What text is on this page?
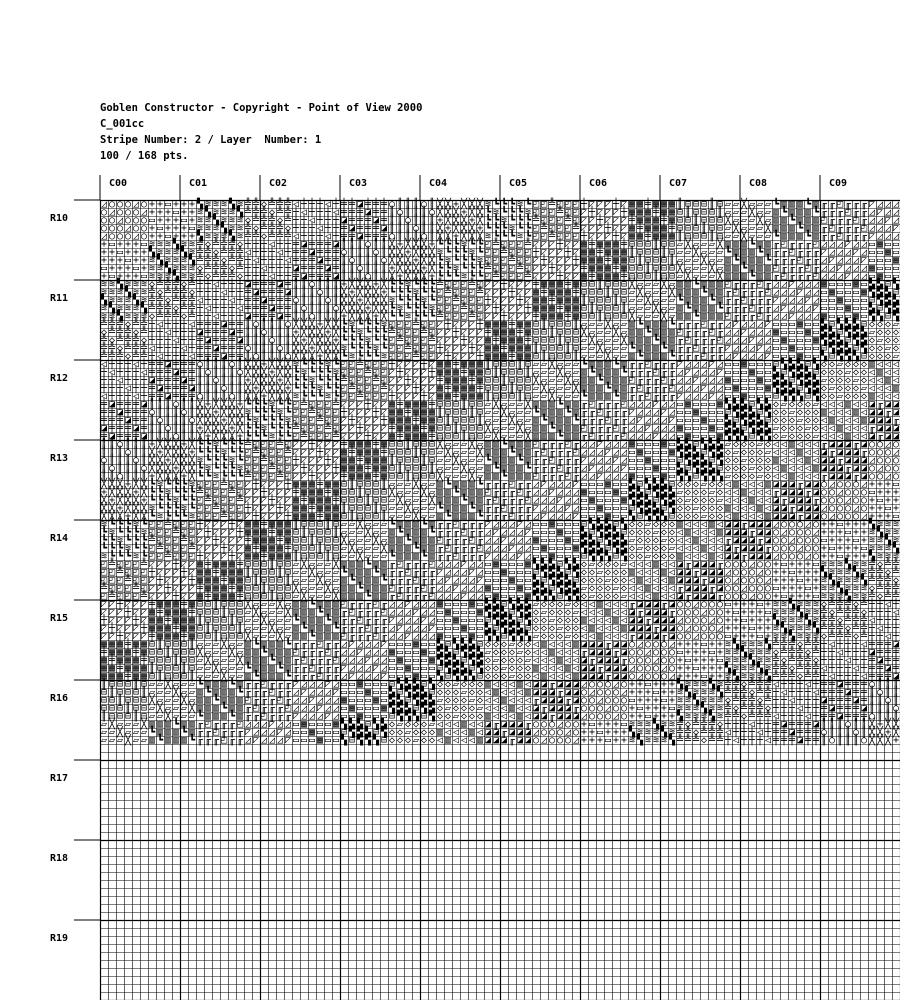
Goblen Constructor - Copyright - Point of View 2000
C_001cc
Stripe Number: 2 / Layer  Number: 1
100 / 168 pts.
C00	C01	C02	C03	C04	C05	C06	C07	C08	C09
R10
R11
R12
R13
R14
R15
R16
R17
R18
R19
◿ ○ ○ ○ ◿ ○ + + ▭ + + + ▚ ≋ ≋ ≋ ▚ ≋ ╩ ╩ ◇ ╩ ╩ ╩ ◁ ┼ ┼ ┼ ◁ ┼ ╪ ╪ ◪ ╪ ╪ ╪ ○ ║ ║ ║ ○ ║ ╳ ╳ + ╳ ╳ ╳ ≋ ┗ ┗ ┗ ≋ ┗ ◰ ◰ ╩ ◰ ◰ ◰ ┼ ◸ ◸ ◸ ┼ ◸ ▦ ▦ ╪ ▦ ▦ ▦ ║ ⊟ ⊟ ⊟ ║ ⊟ ▱ ▱ ╳ ▱ ▱ ▱ ┗ ▥ ▥ ▥ ┗ ▥ ╓ ╓ ◰ ╓ ╓ ╓ ◸ ◿ ◿ ◿
○ ◿ ○ ○ ○ ◿ + + + ▭ + + ≋ ▚ ≋ ≋ ≋ ▚ ╩ ╩ ╩ ◇ ╩ ╩ ┼ ◁ ┼ ┼ ┼ ◁ ╪ ╪ ╪ ◪ ╪ ╪ ║ ○ ║ ║ ║ ○ ╳ ╳ ╳ + ╳ ╳ ┗ ≋ ┗ ┗ ┗ ≋ ◰ ◰ ◰ ╩ ◰ ◰ ◸ ┼ ◸ ◸ ◸ ┼ ▦ ▦ ▦ ╪ ▦ ▦ ⊟ ║ ⊟ ⊟ ⊟ ║ ▱ ▱ ▱ ╳ ▱ ▱ ▥ ┗ ▥ ▥ ▥ ┗ ╓ ╓ ╓ ◰ ╓ ╓ ◿ ◸ ◿ ◿
○ ○ ◿ ○ ○ ○ ▭ + + + ▭ + ≋ ≋ ▚ ≋ ≋ ≋ ◇ ╩ ╩ ╩ ◇ ╩ ┼ ┼ ◁ ┼ ┼ ┼ ◪ ╪ ╪ ╪ ◪ ╪ ║ ║ ○ ║ ║ ║ + ╳ ╳ ╳ + ╳ ┗ ┗ ≋ ┗ ┗ ┗ ╩ ◰ ◰ ◰ ╩ ◰ ◸ ◸ ┼ ◸ ◸ ◸ ╪ ▦ ▦ ▦ ╪ ▦ ⊟ ⊟ ║ ⊟ ⊟ ⊟ ╳ ▱ ▱ ▱ ╳ ▱ ▥ ▥ ┗ ▥ ▥ ▥ ◰ ╓ ╓ ╓ ◰ ╓ ◿ ◿ ◸ ◿
○ ○ ○ ◿ ○ ○ + ▭ + + + ▭ ≋ ≋ ≋ ▚ ≋ ≋ ╩ ◇ ╩ ╩ ╩ ◇ ┼ ┼ ┼ ◁ ┼ ┼ ╪ ◪ ╪ ╪ ╪ ◪ ║ ║ ║ ○ ║ ║ ╳ + ╳ ╳ ╳ + ┗ ┗ ┗ ≋ ┗ ┗ ◰ ╩ ◰ ◰ ◰ ╩ ◸ ◸ ◸ ┼ ◸ ◸ ▦ ╪ ▦ ▦ ▦ ╪ ⊟ ⊟ ⊟ ║ ⊟ ⊟ ▱ ╳ ▱ ▱ ▱ ╳ ▥ ▥ ▥ ┗ ▥ ▥ ╓ ◰ ╓ ╓ ╓ ◰ ◿ ◿ ◿ ◸
◿ ○ ○ ○ ◿ ○ + + ▭ + + + ▚ ≋ ≋ ≋ ▚ ≋ ╩ ╩ ◇ ╩ ╩ ╩ ◁ ┼ ┼ ┼ ◁ ┼ ╪ ╪ ◪ ╪ ╪ ╪ ○ ║ ║ ║ ○ ║ ╳ ╳ + ╳ ╳ ╳ ≋ ┗ ┗ ┗ ≋ ┗ ◰ ◰ ╩ ◰ ◰ ◰ ┼ ◸ ◸ ◸ ┼ ◸ ▦ ▦ ╪ ▦ ▦ ▦ ║ ⊟ ⊟ ⊟ ║ ⊟ ▱ ▱ ╳ ▱ ▱ ▱ ┗ ▥ ▥ ▥ ┗ ▥ ╓ ╓ ◰ ╓ ╓ ╓ ◸ ◿ ◿ ◿
+ ▭ + + + ▭ ≋ ≋ ≋ ▚ ≋ ≋ ╩ ◇ ╩ ╩ ╩ ◇ ┼ ┼ ┼ ◁ ┼ ┼ ╪ ◪ ╪ ╪ ╪ ◪ ║ ║ ║ ○ ║ ║ ╳ + ╳ ╳ ╳ + ┗ ┗ ┗ ≋ ┗ ┗ ◰ ╩ ◰ ◰ ◰ ╩ ◸ ◸ ◸ ┼ ◸ ◸ ▦ ╪ ▦ ▦ ▦ ╪ ⊟ ⊟ ⊟ ║ ⊟ ⊟ ▱ ╳ ▱ ▱ ▱ ╳ ▥ ▥ ▥ ┗ ▥ ▥ ╓ ◰ ╓ ╓ ╓ ◰ ◿ ◿ ◿ ◸ ◿ ◿ ▭ ▦ ▭ ▭
+ + ▭ + + + ▚ ≋ ≋ ≋ ▚ ≋ ╩ ╩ ◇ ╩ ╩ ╩ ◁ ┼ ┼ ┼ ◁ ┼ ╪ ╪ ◪ ╪ ╪ ╪ ○ ║ ║ ║ ○ ║ ╳ ╳ + ╳ ╳ ╳ ≋ ┗ ┗ ┗ ≋ ┗ ◰ ◰ ╩ ◰ ◰ ◰ ┼ ◸ ◸ ◸ ┼ ◸ ▦ ▦ ╪ ▦ ▦ ▦ ║ ⊟ ⊟ ⊟ ║ ⊟ ▱ ▱ ╳ ▱ ▱ ▱ ┗ ▥ ▥ ▥ ┗ ▥ ╓ ╓ ◰ ╓ ╓ ╓ ◸ ◿ ◿ ◿ ◸ ◿ ▭ ▭ ▦ ▭
+ + + ▭ + + ≋ ▚ ≋ ≋ ≋ ▚ ╩ ╩ ╩ ◇ ╩ ╩ ┼ ◁ ┼ ┼ ┼ ◁ ╪ ╪ ╪ ◪ ╪ ╪ ║ ○ ║ ║ ║ ○ ╳ ╳ ╳ + ╳ ╳ ┗ ≋ ┗ ┗ ┗ ≋ ◰ ◰ ◰ ╩ ◰ ◰ ◸ ┼ ◸ ◸ ◸ ┼ ▦ ▦ ▦ ╪ ▦ ▦ ⊟ ║ ⊟ ⊟ ⊟ ║ ▱ ▱ ▱ ╳ ▱ ▱ ▥ ┗ ▥ ▥ ▥ ┗ ╓ ╓ ╓ ◰ ╓ ╓ ◿ ◸ ◿ ◿ ◿ ◸ ▭ ▭ ▭ ▦
▭ + + + ▭ + ≋ ≋ ▚ ≋ ≋ ≋ ◇ ╩ ╩ ╩ ◇ ╩ ┼ ┼ ◁ ┼ ┼ ┼ ◪ ╪ ╪ ╪ ◪ ╪ ║ ║ ○ ║ ║ ║ + ╳ ╳ ╳ + ╳ ┗ ┗ ≋ ┗ ┗ ┗ ╩ ◰ ◰ ◰ ╩ ◰ ◸ ◸ ┼ ◸ ◸ ◸ ╪ ▦ ▦ ▦ ╪ ▦ ⊟ ⊟ ║ ⊟ ⊟ ⊟ ╳ ▱ ▱ ▱ ╳ ▱ ▥ ▥ ┗ ▥ ▥ ▥ ◰ ╓ ╓ ╓ ◰ ╓ ◿ ◿ ◸ ◿ ◿ ◿ ▦ ▭ ▭ ▭
+ ▭ + + + ▭ ≋ ≋ ≋ ▚ ≋ ≋ ╩ ◇ ╩ ╩ ╩ ◇ ┼ ┼ ┼ ◁ ┼ ┼ ╪ ◪ ╪ ╪ ╪ ◪ ║ ║ ║ ○ ║ ║ ╳ + ╳ ╳ ╳ + ┗ ┗ ┗ ≋ ┗ ┗ ◰ ╩ ◰ ◰ ◰ ╩ ◸ ◸ ◸ ┼ ◸ ◸ ▦ ╪ ▦ ▦ ▦ ╪ ⊟ ⊟ ⊟ ║ ⊟ ⊟ ▱ ╳ ▱ ▱ ▱ ╳ ▥ ▥ ▥ ┗ ▥ ▥ ╓ ◰ ╓ ╓ ╓ ◰ ◿ ◿ ◿ ◸ ◿ ◿ ▭ ▦ ▭ ▭
≋ ≋ ▚ ≋ ≋ ≋ ◇ ╩ ╩ ╩ ◇ ╩ ┼ ┼ ◁ ┼ ┼ ┼ ◪ ╪ ╪ ╪ ◪ ╪ ║ ║ ○ ║ ║ ║ + ╳ ╳ ╳ + ╳ ┗ ┗ ≋ ┗ ┗ ┗ ╩ ◰ ◰ ◰ ╩ ◰ ◸ ◸ ┼ ◸ ◸ ◸ ╪ ▦ ▦ ▦ ╪ ▦ ⊟ ⊟ ║ ⊟ ⊟ ⊟ ╳ ▱ ▱ ▱ ╳ ▱ ▥ ▥ ┗ ▥ ▥ ▥ ◰ ╓ ╓ ╓ ◰ ╓ ◿ ◿ ◸ ◿ ◿ ◿ ▦ ▭ ▭ ▭ ▦ ▭ ▚ ▚ ⊟ ▚
≋ ≋ ≋ ▚ ≋ ≋ ╩ ◇ ╩ ╩ ╩ ◇ ┼ ┼ ┼ ◁ ┼ ┼ ╪ ◪ ╪ ╪ ╪ ◪ ║ ║ ║ ○ ║ ║ ╳ + ╳ ╳ ╳ + ┗ ┗ ┗ ≋ ┗ ┗ ◰ ╩ ◰ ◰ ◰ ╩ ◸ ◸ ◸ ┼ ◸ ◸ ▦ ╪ ▦ ▦ ▦ ╪ ⊟ ⊟ ⊟ ║ ⊟ ⊟ ▱ ╳ ▱ ▱ ▱ ╳ ▥ ▥ ▥ ┗ ▥ ▥ ╓ ◰ ╓ ╓ ╓ ◰ ◿ ◿ ◿ ◸ ◿ ◿ ▭ ▦ ▭ ▭ ▭ ▦ ▚ ▚ ▚ ⊟
▚ ≋ ≋ ≋ ▚ ≋ ╩ ╩ ◇ ╩ ╩ ╩ ◁ ┼ ┼ ┼ ◁ ┼ ╪ ╪ ◪ ╪ ╪ ╪ ○ ║ ║ ║ ○ ║ ╳ ╳ + ╳ ╳ ╳ ≋ ┗ ┗ ┗ ≋ ┗ ◰ ◰ ╩ ◰ ◰ ◰ ┼ ◸ ◸ ◸ ┼ ◸ ▦ ▦ ╪ ▦ ▦ ▦ ║ ⊟ ⊟ ⊟ ║ ⊟ ▱ ▱ ╳ ▱ ▱ ▱ ┗ ▥ ▥ ▥ ┗ ▥ ╓ ╓ ◰ ╓ ╓ ╓ ◸ ◿ ◿ ◿ ◸ ◿ ▭ ▭ ▦ ▭ ▭ ▭ ⊟ ▚ ▚ ▚
≋ ▚ ≋ ≋ ≋ ▚ ╩ ╩ ╩ ◇ ╩ ╩ ┼ ◁ ┼ ┼ ┼ ◁ ╪ ╪ ╪ ◪ ╪ ╪ ║ ○ ║ ║ ║ ○ ╳ ╳ ╳ + ╳ ╳ ┗ ≋ ┗ ┗ ┗ ≋ ◰ ◰ ◰ ╩ ◰ ◰ ◸ ┼ ◸ ◸ ◸ ┼ ▦ ▦ ▦ ╪ ▦ ▦ ⊟ ║ ⊟ ⊟ ⊟ ║ ▱ ▱ ▱ ╳ ▱ ▱ ▥ ┗ ▥ ▥ ▥ ┗ ╓ ╓ ╓ ◰ ╓ ╓ ◿ ◸ ◿ ◿ ◿ ◸ ▭ ▭ ▭ ▦ ▭ ▭ ▚ ⊟ ▚ ▚
≋ ≋ ▚ ≋ ≋ ≋ ◇ ╩ ╩ ╩ ◇ ╩ ┼ ┼ ◁ ┼ ┼ ┼ ◪ ╪ ╪ ╪ ◪ ╪ ║ ║ ○ ║ ║ ║ + ╳ ╳ ╳ + ╳ ┗ ┗ ≋ ┗ ┗ ┗ ╩ ◰ ◰ ◰ ╩ ◰ ◸ ◸ ┼ ◸ ◸ ◸ ╪ ▦ ▦ ▦ ╪ ▦ ⊟ ⊟ ║ ⊟ ⊟ ⊟ ╳ ▱ ▱ ▱ ╳ ▱ ▥ ▥ ┗ ▥ ▥ ▥ ◰ ╓ ╓ ╓ ◰ ╓ ◿ ◿ ◸ ◿ ◿ ◿ ▦ ▭ ▭ ▭ ▦ ▭ ▚ ▚ ⊟ ▚
╩ ╩ ╩ ◇ ╩ ╩ ┼ ◁ ┼ ┼ ┼ ◁ ╪ ╪ ╪ ◪ ╪ ╪ ║ ○ ║ ║ ║ ○ ╳ ╳ ╳ + ╳ ╳ ┗ ≋ ┗ ┗ ┗ ≋ ◰ ◰ ◰ ╩ ◰ ◰ ◸ ┼ ◸ ◸ ◸ ┼ ▦ ▦ ▦ ╪ ▦ ▦ ⊟ ║ ⊟ ⊟ ⊟ ║ ▱ ▱ ▱ ╳ ▱ ▱ ▥ ┗ ▥ ▥ ▥ ┗ ╓ ╓ ╓ ◰ ╓ ╓ ◿ ◸ ◿ ◿ ◿ ◸ ▭ ▭ ▭ ▦ ▭ ▭ ▚ ⊟ ▚ ▚ ▚ ⊟ ◇ ◇ ◇ ▱
◇ ╩ ╩ ╩ ◇ ╩ ┼ ┼ ◁ ┼ ┼ ┼ ◪ ╪ ╪ ╪ ◪ ╪ ║ ║ ○ ║ ║ ║ + ╳ ╳ ╳ + ╳ ┗ ┗ ≋ ┗ ┗ ┗ ╩ ◰ ◰ ◰ ╩ ◰ ◸ ◸ ┼ ◸ ◸ ◸ ╪ ▦ ▦ ▦ ╪ ▦ ⊟ ⊟ ║ ⊟ ⊟ ⊟ ╳ ▱ ▱ ▱ ╳ ▱ ▥ ▥ ┗ ▥ ▥ ▥ ◰ ╓ ╓ ╓ ◰ ╓ ◿ ◿ ◸ ◿ ◿ ◿ ▦ ▭ ▭ ▭ ▦ ▭ ▚ ▚ ⊟ ▚ ▚ ▚ ▱ ◇ ◇ ◇
╩ ◇ ╩ ╩ ╩ ◇ ┼ ┼ ┼ ◁ ┼ ┼ ╪ ◪ ╪ ╪ ╪ ◪ ║ ║ ║ ○ ║ ║ ╳ + ╳ ╳ ╳ + ┗ ┗ ┗ ≋ ┗ ┗ ◰ ╩ ◰ ◰ ◰ ╩ ◸ ◸ ◸ ┼ ◸ ◸ ▦ ╪ ▦ ▦ ▦ ╪ ⊟ ⊟ ⊟ ║ ⊟ ⊟ ▱ ╳ ▱ ▱ ▱ ╳ ▥ ▥ ▥ ┗ ▥ ▥ ╓ ◰ ╓ ╓ ╓ ◰ ◿ ◿ ◿ ◸ ◿ ◿ ▭ ▦ ▭ ▭ ▭ ▦ ▚ ▚ ▚ ⊟ ▚ ▚ ◇ ▱ ◇ ◇
╩ ╩ ◇ ╩ ╩ ╩ ◁ ┼ ┼ ┼ ◁ ┼ ╪ ╪ ◪ ╪ ╪ ╪ ○ ║ ║ ║ ○ ║ ╳ ╳ + ╳ ╳ ╳ ≋ ┗ ┗ ┗ ≋ ┗ ◰ ◰ ╩ ◰ ◰ ◰ ┼ ◸ ◸ ◸ ┼ ◸ ▦ ▦ ╪ ▦ ▦ ▦ ║ ⊟ ⊟ ⊟ ║ ⊟ ▱ ▱ ╳ ▱ ▱ ▱ ┗ ▥ ▥ ▥ ┗ ▥ ╓ ╓ ◰ ╓ ╓ ╓ ◸ ◿ ◿ ◿ ◸ ◿ ▭ ▭ ▦ ▭ ▭ ▭ ⊟ ▚ ▚ ▚ ⊟ ▚ ◇ ◇ ▱ ◇
╩ ╩ ╩ ◇ ╩ ╩ ┼ ◁ ┼ ┼ ┼ ◁ ╪ ╪ ╪ ◪ ╪ ╪ ║ ○ ║ ║ ║ ○ ╳ ╳ ╳ + ╳ ╳ ┗ ≋ ┗ ┗ ┗ ≋ ◰ ◰ ◰ ╩ ◰ ◰ ◸ ┼ ◸ ◸ ◸ ┼ ▦ ▦ ▦ ╪ ▦ ▦ ⊟ ║ ⊟ ⊟ ⊟ ║ ▱ ▱ ▱ ╳ ▱ ▱ ▥ ┗ ▥ ▥ ▥ ┗ ╓ ╓ ╓ ◰ ╓ ╓ ◿ ◸ ◿ ◿ ◿ ◸ ▭ ▭ ▭ ▦ ▭ ▭ ▚ ⊟ ▚ ▚ ▚ ⊟ ◇ ◇ ◇ ▱
◁ ┼ ┼ ┼ ◁ ┼ ╪ ╪ ◪ ╪ ╪ ╪ ○ ║ ║ ║ ○ ║ ╳ ╳ + ╳ ╳ ╳ ≋ ┗ ┗ ┗ ≋ ┗ ◰ ◰ ╩ ◰ ◰ ◰ ┼ ◸ ◸ ◸ ┼ ◸ ▦ ▦ ╪ ▦ ▦ ▦ ║ ⊟ ⊟ ⊟ ║ ⊟ ▱ ▱ ╳ ▱ ▱ ▱ ┗ ▥ ▥ ▥ ┗ ▥ ╓ ╓ ◰ ╓ ╓ ╓ ◸ ◿ ◿ ◿ ◸ ◿ ▭ ▭ ▦ ▭ ▭ ▭ ⊟ ▚ ▚ ▚ ⊟ ▚ ◇ ◇ ▱ ◇ ◇ ◇ ▥ ◁ ◁ ◁
┼ ◁ ┼ ┼ ┼ ◁ ╪ ╪ ╪ ◪ ╪ ╪ ║ ○ ║ ║ ║ ○ ╳ ╳ ╳ + ╳ ╳ ┗ ≋ ┗ ┗ ┗ ≋ ◰ ◰ ◰ ╩ ◰ ◰ ◸ ┼ ◸ ◸ ◸ ┼ ▦ ▦ ▦ ╪ ▦ ▦ ⊟ ║ ⊟ ⊟ ⊟ ║ ▱ ▱ ▱ ╳ ▱ ▱ ▥ ┗ ▥ ▥ ▥ ┗ ╓ ╓ ╓ ◰ ╓ ╓ ◿ ◸ ◿ ◿ ◿ ◸ ▭ ▭ ▭ ▦ ▭ ▭ ▚ ⊟ ▚ ▚ ▚ ⊟ ◇ ◇ ◇ ▱ ◇ ◇ ◁ ▥ ◁ ◁
┼ ┼ ◁ ┼ ┼ ┼ ◪ ╪ ╪ ╪ ◪ ╪ ║ ║ ○ ║ ║ ║ + ╳ ╳ ╳ + ╳ ┗ ┗ ≋ ┗ ┗ ┗ ╩ ◰ ◰ ◰ ╩ ◰ ◸ ◸ ┼ ◸ ◸ ◸ ╪ ▦ ▦ ▦ ╪ ▦ ⊟ ⊟ ║ ⊟ ⊟ ⊟ ╳ ▱ ▱ ▱ ╳ ▱ ▥ ▥ ┗ ▥ ▥ ▥ ◰ ╓ ╓ ╓ ◰ ╓ ◿ ◿ ◸ ◿ ◿ ◿ ▦ ▭ ▭ ▭ ▦ ▭ ▚ ▚ ⊟ ▚ ▚ ▚ ▱ ◇ ◇ ◇ ▱ ◇ ◁ ◁ ▥ ◁
┼ ┼ ┼ ◁ ┼ ┼ ╪ ◪ ╪ ╪ ╪ ◪ ║ ║ ║ ○ ║ ║ ╳ + ╳ ╳ ╳ + ┗ ┗ ┗ ≋ ┗ ┗ ◰ ╩ ◰ ◰ ◰ ╩ ◸ ◸ ◸ ┼ ◸ ◸ ▦ ╪ ▦ ▦ ▦ ╪ ⊟ ⊟ ⊟ ║ ⊟ ⊟ ▱ ╳ ▱ ▱ ▱ ╳ ▥ ▥ ▥ ┗ ▥ ▥ ╓ ◰ ╓ ╓ ╓ ◰ ◿ ◿ ◿ ◸ ◿ ◿ ▭ ▦ ▭ ▭ ▭ ▦ ▚ ▚ ▚ ⊟ ▚ ▚ ◇ ▱ ◇ ◇ ◇ ▱ ◁ ◁ ◁ ▥
◁ ┼ ┼ ┼ ◁ ┼ ╪ ╪ ◪ ╪ ╪ ╪ ○ ║ ║ ║ ○ ║ ╳ ╳ + ╳ ╳ ╳ ≋ ┗ ┗ ┗ ≋ ┗ ◰ ◰ ╩ ◰ ◰ ◰ ┼ ◸ ◸ ◸ ┼ ◸ ▦ ▦ ╪ ▦ ▦ ▦ ║ ⊟ ⊟ ⊟ ║ ⊟ ▱ ▱ ╳ ▱ ▱ ▱ ┗ ▥ ▥ ▥ ┗ ▥ ╓ ╓ ◰ ╓ ╓ ╓ ◸ ◿ ◿ ◿ ◸ ◿ ▭ ▭ ▦ ▭ ▭ ▭ ⊟ ▚ ▚ ▚ ⊟ ▚ ◇ ◇ ▱ ◇ ◇ ◇ ▥ ◁ ◁ ◁
╪ ◪ ╪ ╪ ╪ ◪ ║ ║ ║ ○ ║ ║ ╳ + ╳ ╳ ╳ + ┗ ┗ ┗ ≋ ┗ ┗ ◰ ╩ ◰ ◰ ◰ ╩ ◸ ◸ ◸ ┼ ◸ ◸ ▦ ╪ ▦ ▦ ▦ ╪ ⊟ ⊟ ⊟ ║ ⊟ ⊟ ▱ ╳ ▱ ▱ ▱ ╳ ▥ ▥ ▥ ┗ ▥ ▥ ╓ ◰ ╓ ╓ ╓ ◰ ◿ ◿ ◿ ◸ ◿ ◿ ▭ ▦ ▭ ▭ ▭ ▦ ▚ ▚ ▚ ⊟ ▚ ▚ ◇ ▱ ◇ ◇ ◇ ▱ ◁ ◁ ◁ ▥ ◁ ◁ ◪ ╓ ◪ ◪
╪ ╪ ◪ ╪ ╪ ╪ ○ ║ ║ ║ ○ ║ ╳ ╳ + ╳ ╳ ╳ ≋ ┗ ┗ ┗ ≋ ┗ ◰ ◰ ╩ ◰ ◰ ◰ ┼ ◸ ◸ ◸ ┼ ◸ ▦ ▦ ╪ ▦ ▦ ▦ ║ ⊟ ⊟ ⊟ ║ ⊟ ▱ ▱ ╳ ▱ ▱ ▱ ┗ ▥ ▥ ▥ ┗ ▥ ╓ ╓ ◰ ╓ ╓ ╓ ◸ ◿ ◿ ◿ ◸ ◿ ▭ ▭ ▦ ▭ ▭ ▭ ⊟ ▚ ▚ ▚ ⊟ ▚ ◇ ◇ ▱ ◇ ◇ ◇ ▥ ◁ ◁ ◁ ▥ ◁ ◪ ◪ ╓ ◪
╪ ╪ ╪ ◪ ╪ ╪ ║ ○ ║ ║ ║ ○ ╳ ╳ ╳ + ╳ ╳ ┗ ≋ ┗ ┗ ┗ ≋ ◰ ◰ ◰ ╩ ◰ ◰ ◸ ┼ ◸ ◸ ◸ ┼ ▦ ▦ ▦ ╪ ▦ ▦ ⊟ ║ ⊟ ⊟ ⊟ ║ ▱ ▱ ▱ ╳ ▱ ▱ ▥ ┗ ▥ ▥ ▥ ┗ ╓ ╓ ╓ ◰ ╓ ╓ ◿ ◸ ◿ ◿ ◿ ◸ ▭ ▭ ▭ ▦ ▭ ▭ ▚ ⊟ ▚ ▚ ▚ ⊟ ◇ ◇ ◇ ▱ ◇ ◇ ◁ ▥ ◁ ◁ ◁ ▥ ◪ ◪ ◪ ╓
◪ ╪ ╪ ╪ ◪ ╪ ║ ║ ○ ║ ║ ║ + ╳ ╳ ╳ + ╳ ┗ ┗ ≋ ┗ ┗ ┗ ╩ ◰ ◰ ◰ ╩ ◰ ◸ ◸ ┼ ◸ ◸ ◸ ╪ ▦ ▦ ▦ ╪ ▦ ⊟ ⊟ ║ ⊟ ⊟ ⊟ ╳ ▱ ▱ ▱ ╳ ▱ ▥ ▥ ┗ ▥ ▥ ▥ ◰ ╓ ╓ ╓ ◰ ╓ ◿ ◿ ◸ ◿ ◿ ◿ ▦ ▭ ▭ ▭ ▦ ▭ ▚ ▚ ⊟ ▚ ▚ ▚ ▱ ◇ ◇ ◇ ▱ ◇ ◁ ◁ ▥ ◁ ◁ ◁ ╓ ◪ ◪ ◪
╪ ◪ ╪ ╪ ╪ ◪ ║ ║ ║ ○ ║ ║ ╳ + ╳ ╳ ╳ + ┗ ┗ ┗ ≋ ┗ ┗ ◰ ╩ ◰ ◰ ◰ ╩ ◸ ◸ ◸ ┼ ◸ ◸ ▦ ╪ ▦ ▦ ▦ ╪ ⊟ ⊟ ⊟ ║ ⊟ ⊟ ▱ ╳ ▱ ▱ ▱ ╳ ▥ ▥ ▥ ┗ ▥ ▥ ╓ ◰ ╓ ╓ ╓ ◰ ◿ ◿ ◿ ◸ ◿ ◿ ▭ ▦ ▭ ▭ ▭ ▦ ▚ ▚ ▚ ⊟ ▚ ▚ ◇ ▱ ◇ ◇ ◇ ▱ ◁ ◁ ◁ ▥ ◁ ◁ ◪ ╓ ◪ ◪
║ ║ ○ ║ ║ ║ + ╳ ╳ ╳ + ╳ ┗ ┗ ≋ ┗ ┗ ┗ ╩ ◰ ◰ ◰ ╩ ◰ ◸ ◸ ┼ ◸ ◸ ◸ ╪ ▦ ▦ ▦ ╪ ▦ ⊟ ⊟ ║ ⊟ ⊟ ⊟ ╳ ▱ ▱ ▱ ╳ ▱ ▥ ▥ ┗ ▥ ▥ ▥ ◰ ╓ ╓ ╓ ◰ ╓ ◿ ◿ ◸ ◿ ◿ ◿ ▦ ▭ ▭ ▭ ▦ ▭ ▚ ▚ ⊟ ▚ ▚ ▚ ▱ ◇ ◇ ◇ ▱ ◇ ◁ ◁ ▥ ◁ ◁ ◁ ╓ ◪ ◪ ◪ ╓ ◪ ○ ○ ◿ ○
║ ║ ║ ○ ║ ║ ╳ + ╳ ╳ ╳ + ┗ ┗ ┗ ≋ ┗ ┗ ◰ ╩ ◰ ◰ ◰ ╩ ◸ ◸ ◸ ┼ ◸ ◸ ▦ ╪ ▦ ▦ ▦ ╪ ⊟ ⊟ ⊟ ║ ⊟ ⊟ ▱ ╳ ▱ ▱ ▱ ╳ ▥ ▥ ▥ ┗ ▥ ▥ ╓ ◰ ╓ ╓ ╓ ◰ ◿ ◿ ◿ ◸ ◿ ◿ ▭ ▦ ▭ ▭ ▭ ▦ ▚ ▚ ▚ ⊟ ▚ ▚ ◇ ▱ ◇ ◇ ◇ ▱ ◁ ◁ ◁ ▥ ◁ ◁ ◪ ╓ ◪ ◪ ◪ ╓ ○ ○ ○ ◿
○ ║ ║ ║ ○ ║ ╳ ╳ + ╳ ╳ ╳ ≋ ┗ ┗ ┗ ≋ ┗ ◰ ◰ ╩ ◰ ◰ ◰ ┼ ◸ ◸ ◸ ┼ ◸ ▦ ▦ ╪ ▦ ▦ ▦ ║ ⊟ ⊟ ⊟ ║ ⊟ ▱ ▱ ╳ ▱ ▱ ▱ ┗ ▥ ▥ ▥ ┗ ▥ ╓ ╓ ◰ ╓ ╓ ╓ ◸ ◿ ◿ ◿ ◸ ◿ ▭ ▭ ▦ ▭ ▭ ▭ ⊟ ▚ ▚ ▚ ⊟ ▚ ◇ ◇ ▱ ◇ ◇ ◇ ▥ ◁ ◁ ◁ ▥ ◁ ◪ ◪ ╓ ◪ ◪ ◪ ◿ ○ ○ ○
║ ○ ║ ║ ║ ○ ╳ ╳ ╳ + ╳ ╳ ┗ ≋ ┗ ┗ ┗ ≋ ◰ ◰ ◰ ╩ ◰ ◰ ◸ ┼ ◸ ◸ ◸ ┼ ▦ ▦ ▦ ╪ ▦ ▦ ⊟ ║ ⊟ ⊟ ⊟ ║ ▱ ▱ ▱ ╳ ▱ ▱ ▥ ┗ ▥ ▥ ▥ ┗ ╓ ╓ ╓ ◰ ╓ ╓ ◿ ◸ ◿ ◿ ◿ ◸ ▭ ▭ ▭ ▦ ▭ ▭ ▚ ⊟ ▚ ▚ ▚ ⊟ ◇ ◇ ◇ ▱ ◇ ◇ ◁ ▥ ◁ ◁ ◁ ▥ ◪ ◪ ◪ ╓ ◪ ◪ ○ ◿ ○ ○
║ ║ ○ ║ ║ ║ + ╳ ╳ ╳ + ╳ ┗ ┗ ≋ ┗ ┗ ┗ ╩ ◰ ◰ ◰ ╩ ◰ ◸ ◸ ┼ ◸ ◸ ◸ ╪ ▦ ▦ ▦ ╪ ▦ ⊟ ⊟ ║ ⊟ ⊟ ⊟ ╳ ▱ ▱ ▱ ╳ ▱ ▥ ▥ ┗ ▥ ▥ ▥ ◰ ╓ ╓ ╓ ◰ ╓ ◿ ◿ ◸ ◿ ◿ ◿ ▦ ▭ ▭ ▭ ▦ ▭ ▚ ▚ ⊟ ▚ ▚ ▚ ▱ ◇ ◇ ◇ ▱ ◇ ◁ ◁ ▥ ◁ ◁ ◁ ╓ ◪ ◪ ◪ ╓ ◪ ○ ○ ◿ ○
╳ ╳ ╳ + ╳ ╳ ┗ ≋ ┗ ┗ ┗ ≋ ◰ ◰ ◰ ╩ ◰ ◰ ◸ ┼ ◸ ◸ ◸ ┼ ▦ ▦ ▦ ╪ ▦ ▦ ⊟ ║ ⊟ ⊟ ⊟ ║ ▱ ▱ ▱ ╳ ▱ ▱ ▥ ┗ ▥ ▥ ▥ ┗ ╓ ╓ ╓ ◰ ╓ ╓ ◿ ◸ ◿ ◿ ◿ ◸ ▭ ▭ ▭ ▦ ▭ ▭ ▚ ⊟ ▚ ▚ ▚ ⊟ ◇ ◇ ◇ ▱ ◇ ◇ ◁ ▥ ◁ ◁ ◁ ▥ ◪ ◪ ◪ ╓ ◪ ◪ ○ ◿ ○ ○ ○ ◿ + + + ▭
+ ╳ ╳ ╳ + ╳ ┗ ┗ ≋ ┗ ┗ ┗ ╩ ◰ ◰ ◰ ╩ ◰ ◸ ◸ ┼ ◸ ◸ ◸ ╪ ▦ ▦ ▦ ╪ ▦ ⊟ ⊟ ║ ⊟ ⊟ ⊟ ╳ ▱ ▱ ▱ ╳ ▱ ▥ ▥ ┗ ▥ ▥ ▥ ◰ ╓ ╓ ╓ ◰ ╓ ◿ ◿ ◸ ◿ ◿ ◿ ▦ ▭ ▭ ▭ ▦ ▭ ▚ ▚ ⊟ ▚ ▚ ▚ ▱ ◇ ◇ ◇ ▱ ◇ ◁ ◁ ▥ ◁ ◁ ◁ ╓ ◪ ◪ ◪ ╓ ◪ ○ ○ ◿ ○ ○ ○ ▭ + + +
╳ + ╳ ╳ ╳ + ┗ ┗ ┗ ≋ ┗ ┗ ◰ ╩ ◰ ◰ ◰ ╩ ◸ ◸ ◸ ┼ ◸ ◸ ▦ ╪ ▦ ▦ ▦ ╪ ⊟ ⊟ ⊟ ║ ⊟ ⊟ ▱ ╳ ▱ ▱ ▱ ╳ ▥ ▥ ▥ ┗ ▥ ▥ ╓ ◰ ╓ ╓ ╓ ◰ ◿ ◿ ◿ ◸ ◿ ◿ ▭ ▦ ▭ ▭ ▭ ▦ ▚ ▚ ▚ ⊟ ▚ ▚ ◇ ▱ ◇ ◇ ◇ ▱ ◁ ◁ ◁ ▥ ◁ ◁ ◪ ╓ ◪ ◪ ◪ ╓ ○ ○ ○ ◿ ○ ○ + ▭ + +
╳ ╳ + ╳ ╳ ╳ ≋ ┗ ┗ ┗ ≋ ┗ ◰ ◰ ╩ ◰ ◰ ◰ ┼ ◸ ◸ ◸ ┼ ◸ ▦ ▦ ╪ ▦ ▦ ▦ ║ ⊟ ⊟ ⊟ ║ ⊟ ▱ ▱ ╳ ▱ ▱ ▱ ┗ ▥ ▥ ▥ ┗ ▥ ╓ ╓ ◰ ╓ ╓ ╓ ◸ ◿ ◿ ◿ ◸ ◿ ▭ ▭ ▦ ▭ ▭ ▭ ⊟ ▚ ▚ ▚ ⊟ ▚ ◇ ◇ ▱ ◇ ◇ ◇ ▥ ◁ ◁ ◁ ▥ ◁ ◪ ◪ ╓ ◪ ◪ ◪ ◿ ○ ○ ○ ◿ ○ + + ▭ +
╳ ╳ ╳ + ╳ ╳ ┗ ≋ ┗ ┗ ┗ ≋ ◰ ◰ ◰ ╩ ◰ ◰ ◸ ┼ ◸ ◸ ◸ ┼ ▦ ▦ ▦ ╪ ▦ ▦ ⊟ ║ ⊟ ⊟ ⊟ ║ ▱ ▱ ▱ ╳ ▱ ▱ ▥ ┗ ▥ ▥ ▥ ┗ ╓ ╓ ╓ ◰ ╓ ╓ ◿ ◸ ◿ ◿ ◿ ◸ ▭ ▭ ▭ ▦ ▭ ▭ ▚ ⊟ ▚ ▚ ▚ ⊟ ◇ ◇ ◇ ▱ ◇ ◇ ◁ ▥ ◁ ◁ ◁ ▥ ◪ ◪ ◪ ╓ ◪ ◪ ○ ◿ ○ ○ ○ ◿ + + + ▭
≋ ┗ ┗ ┗ ≋ ┗ ◰ ◰ ╩ ◰ ◰ ◰ ┼ ◸ ◸ ◸ ┼ ◸ ▦ ▦ ╪ ▦ ▦ ▦ ║ ⊟ ⊟ ⊟ ║ ⊟ ▱ ▱ ╳ ▱ ▱ ▱ ┗ ▥ ▥ ▥ ┗ ▥ ╓ ╓ ◰ ╓ ╓ ╓ ◸ ◿ ◿ ◿ ◸ ◿ ▭ ▭ ▦ ▭ ▭ ▭ ⊟ ▚ ▚ ▚ ⊟ ▚ ◇ ◇ ▱ ◇ ◇ ◇ ▥ ◁ ◁ ◁ ▥ ◁ ◪ ◪ ╓ ◪ ◪ ◪ ◿ ○ ○ ○ ◿ ○ + + ▭ + + + ▚ ≋ ≋ ≋
┗ ≋ ┗ ┗ ┗ ≋ ◰ ◰ ◰ ╩ ◰ ◰ ◸ ┼ ◸ ◸ ◸ ┼ ▦ ▦ ▦ ╪ ▦ ▦ ⊟ ║ ⊟ ⊟ ⊟ ║ ▱ ▱ ▱ ╳ ▱ ▱ ▥ ┗ ▥ ▥ ▥ ┗ ╓ ╓ ╓ ◰ ╓ ╓ ◿ ◸ ◿ ◿ ◿ ◸ ▭ ▭ ▭ ▦ ▭ ▭ ▚ ⊟ ▚ ▚ ▚ ⊟ ◇ ◇ ◇ ▱ ◇ ◇ ◁ ▥ ◁ ◁ ◁ ▥ ◪ ◪ ◪ ╓ ◪ ◪ ○ ◿ ○ ○ ○ ◿ + + + ▭ + + ≋ ▚ ≋ ≋
┗ ┗ ≋ ┗ ┗ ┗ ╩ ◰ ◰ ◰ ╩ ◰ ◸ ◸ ┼ ◸ ◸ ◸ ╪ ▦ ▦ ▦ ╪ ▦ ⊟ ⊟ ║ ⊟ ⊟ ⊟ ╳ ▱ ▱ ▱ ╳ ▱ ▥ ▥ ┗ ▥ ▥ ▥ ◰ ╓ ╓ ╓ ◰ ╓ ◿ ◿ ◸ ◿ ◿ ◿ ▦ ▭ ▭ ▭ ▦ ▭ ▚ ▚ ⊟ ▚ ▚ ▚ ▱ ◇ ◇ ◇ ▱ ◇ ◁ ◁ ▥ ◁ ◁ ◁ ╓ ◪ ◪ ◪ ╓ ◪ ○ ○ ◿ ○ ○ ○ ▭ + + + ▭ + ≋ ≋ ▚ ≋
┗ ┗ ┗ ≋ ┗ ┗ ◰ ╩ ◰ ◰ ◰ ╩ ◸ ◸ ◸ ┼ ◸ ◸ ▦ ╪ ▦ ▦ ▦ ╪ ⊟ ⊟ ⊟ ║ ⊟ ⊟ ▱ ╳ ▱ ▱ ▱ ╳ ▥ ▥ ▥ ┗ ▥ ▥ ╓ ◰ ╓ ╓ ╓ ◰ ◿ ◿ ◿ ◸ ◿ ◿ ▭ ▦ ▭ ▭ ▭ ▦ ▚ ▚ ▚ ⊟ ▚ ▚ ◇ ▱ ◇ ◇ ◇ ▱ ◁ ◁ ◁ ▥ ◁ ◁ ◪ ╓ ◪ ◪ ◪ ╓ ○ ○ ○ ◿ ○ ○ + ▭ + + + ▭ ≋ ≋ ≋ ▚
≋ ┗ ┗ ┗ ≋ ┗ ◰ ◰ ╩ ◰ ◰ ◰ ┼ ◸ ◸ ◸ ┼ ◸ ▦ ▦ ╪ ▦ ▦ ▦ ║ ⊟ ⊟ ⊟ ║ ⊟ ▱ ▱ ╳ ▱ ▱ ▱ ┗ ▥ ▥ ▥ ┗ ▥ ╓ ╓ ◰ ╓ ╓ ╓ ◸ ◿ ◿ ◿ ◸ ◿ ▭ ▭ ▦ ▭ ▭ ▭ ⊟ ▚ ▚ ▚ ⊟ ▚ ◇ ◇ ▱ ◇ ◇ ◇ ▥ ◁ ◁ ◁ ▥ ◁ ◪ ◪ ╓ ◪ ◪ ◪ ◿ ○ ○ ○ ◿ ○ + + ▭ + + + ▚ ≋ ≋ ≋
◰ ╩ ◰ ◰ ◰ ╩ ◸ ◸ ◸ ┼ ◸ ◸ ▦ ╪ ▦ ▦ ▦ ╪ ⊟ ⊟ ⊟ ║ ⊟ ⊟ ▱ ╳ ▱ ▱ ▱ ╳ ▥ ▥ ▥ ┗ ▥ ▥ ╓ ◰ ╓ ╓ ╓ ◰ ◿ ◿ ◿ ◸ ◿ ◿ ▭ ▦ ▭ ▭ ▭ ▦ ▚ ▚ ▚ ⊟ ▚ ▚ ◇ ▱ ◇ ◇ ◇ ▱ ◁ ◁ ◁ ▥ ◁ ◁ ◪ ╓ ◪ ◪ ◪ ╓ ○ ○ ○ ◿ ○ ○ + ▭ + + + ▭ ≋ ≋ ≋ ▚ ≋ ≋ ╩ ◇ ╩ ╩
◰ ◰ ╩ ◰ ◰ ◰ ┼ ◸ ◸ ◸ ┼ ◸ ▦ ▦ ╪ ▦ ▦ ▦ ║ ⊟ ⊟ ⊟ ║ ⊟ ▱ ▱ ╳ ▱ ▱ ▱ ┗ ▥ ▥ ▥ ┗ ▥ ╓ ╓ ◰ ╓ ╓ ╓ ◸ ◿ ◿ ◿ ◸ ◿ ▭ ▭ ▦ ▭ ▭ ▭ ⊟ ▚ ▚ ▚ ⊟ ▚ ◇ ◇ ▱ ◇ ◇ ◇ ▥ ◁ ◁ ◁ ▥ ◁ ◪ ◪ ╓ ◪ ◪ ◪ ◿ ○ ○ ○ ◿ ○ + + ▭ + + + ▚ ≋ ≋ ≋ ▚ ≋ ╩ ╩ ◇ ╩
◰ ◰ ◰ ╩ ◰ ◰ ◸ ┼ ◸ ◸ ◸ ┼ ▦ ▦ ▦ ╪ ▦ ▦ ⊟ ║ ⊟ ⊟ ⊟ ║ ▱ ▱ ▱ ╳ ▱ ▱ ▥ ┗ ▥ ▥ ▥ ┗ ╓ ╓ ╓ ◰ ╓ ╓ ◿ ◸ ◿ ◿ ◿ ◸ ▭ ▭ ▭ ▦ ▭ ▭ ▚ ⊟ ▚ ▚ ▚ ⊟ ◇ ◇ ◇ ▱ ◇ ◇ ◁ ▥ ◁ ◁ ◁ ▥ ◪ ◪ ◪ ╓ ◪ ◪ ○ ◿ ○ ○ ○ ◿ + + + ▭ + + ≋ ▚ ≋ ≋ ≋ ▚ ╩ ╩ ╩ ◇
╩ ◰ ◰ ◰ ╩ ◰ ◸ ◸ ┼ ◸ ◸ ◸ ╪ ▦ ▦ ▦ ╪ ▦ ⊟ ⊟ ║ ⊟ ⊟ ⊟ ╳ ▱ ▱ ▱ ╳ ▱ ▥ ▥ ┗ ▥ ▥ ▥ ◰ ╓ ╓ ╓ ◰ ╓ ◿ ◿ ◸ ◿ ◿ ◿ ▦ ▭ ▭ ▭ ▦ ▭ ▚ ▚ ⊟ ▚ ▚ ▚ ▱ ◇ ◇ ◇ ▱ ◇ ◁ ◁ ▥ ◁ ◁ ◁ ╓ ◪ ◪ ◪ ╓ ◪ ○ ○ ◿ ○ ○ ○ ▭ + + + ▭ + ≋ ≋ ▚ ≋ ≋ ≋ ◇ ╩ ╩ ╩
◰ ╩ ◰ ◰ ◰ ╩ ◸ ◸ ◸ ┼ ◸ ◸ ▦ ╪ ▦ ▦ ▦ ╪ ⊟ ⊟ ⊟ ║ ⊟ ⊟ ▱ ╳ ▱ ▱ ▱ ╳ ▥ ▥ ▥ ┗ ▥ ▥ ╓ ◰ ╓ ╓ ╓ ◰ ◿ ◿ ◿ ◸ ◿ ◿ ▭ ▦ ▭ ▭ ▭ ▦ ▚ ▚ ▚ ⊟ ▚ ▚ ◇ ▱ ◇ ◇ ◇ ▱ ◁ ◁ ◁ ▥ ◁ ◁ ◪ ╓ ◪ ◪ ◪ ╓ ○ ○ ○ ◿ ○ ○ + ▭ + + + ▭ ≋ ≋ ≋ ▚ ≋ ≋ ╩ ◇ ╩ ╩
◸ ◸ ┼ ◸ ◸ ◸ ╪ ▦ ▦ ▦ ╪ ▦ ⊟ ⊟ ║ ⊟ ⊟ ⊟ ╳ ▱ ▱ ▱ ╳ ▱ ▥ ▥ ┗ ▥ ▥ ▥ ◰ ╓ ╓ ╓ ◰ ╓ ◿ ◿ ◸ ◿ ◿ ◿ ▦ ▭ ▭ ▭ ▦ ▭ ▚ ▚ ⊟ ▚ ▚ ▚ ▱ ◇ ◇ ◇ ▱ ◇ ◁ ◁ ▥ ◁ ◁ ◁ ╓ ◪ ◪ ◪ ╓ ◪ ○ ○ ◿ ○ ○ ○ ▭ + + + ▭ + ≋ ≋ ▚ ≋ ≋ ≋ ◇ ╩ ╩ ╩ ◇ ╩ ┼ ┼ ◁ ┼
◸ ◸ ◸ ┼ ◸ ◸ ▦ ╪ ▦ ▦ ▦ ╪ ⊟ ⊟ ⊟ ║ ⊟ ⊟ ▱ ╳ ▱ ▱ ▱ ╳ ▥ ▥ ▥ ┗ ▥ ▥ ╓ ◰ ╓ ╓ ╓ ◰ ◿ ◿ ◿ ◸ ◿ ◿ ▭ ▦ ▭ ▭ ▭ ▦ ▚ ▚ ▚ ⊟ ▚ ▚ ◇ ▱ ◇ ◇ ◇ ▱ ◁ ◁ ◁ ▥ ◁ ◁ ◪ ╓ ◪ ◪ ◪ ╓ ○ ○ ○ ◿ ○ ○ + ▭ + + + ▭ ≋ ≋ ≋ ▚ ≋ ≋ ╩ ◇ ╩ ╩ ╩ ◇ ┼ ┼ ┼ ◁
┼ ◸ ◸ ◸ ┼ ◸ ▦ ▦ ╪ ▦ ▦ ▦ ║ ⊟ ⊟ ⊟ ║ ⊟ ▱ ▱ ╳ ▱ ▱ ▱ ┗ ▥ ▥ ▥ ┗ ▥ ╓ ╓ ◰ ╓ ╓ ╓ ◸ ◿ ◿ ◿ ◸ ◿ ▭ ▭ ▦ ▭ ▭ ▭ ⊟ ▚ ▚ ▚ ⊟ ▚ ◇ ◇ ▱ ◇ ◇ ◇ ▥ ◁ ◁ ◁ ▥ ◁ ◪ ◪ ╓ ◪ ◪ ◪ ◿ ○ ○ ○ ◿ ○ + + ▭ + + + ▚ ≋ ≋ ≋ ▚ ≋ ╩ ╩ ◇ ╩ ╩ ╩ ◁ ┼ ┼ ┼
◸ ┼ ◸ ◸ ◸ ┼ ▦ ▦ ▦ ╪ ▦ ▦ ⊟ ║ ⊟ ⊟ ⊟ ║ ▱ ▱ ▱ ╳ ▱ ▱ ▥ ┗ ▥ ▥ ▥ ┗ ╓ ╓ ╓ ◰ ╓ ╓ ◿ ◸ ◿ ◿ ◿ ◸ ▭ ▭ ▭ ▦ ▭ ▭ ▚ ⊟ ▚ ▚ ▚ ⊟ ◇ ◇ ◇ ▱ ◇ ◇ ◁ ▥ ◁ ◁ ◁ ▥ ◪ ◪ ◪ ╓ ◪ ◪ ○ ◿ ○ ○ ○ ◿ + + + ▭ + + ≋ ▚ ≋ ≋ ≋ ▚ ╩ ╩ ╩ ◇ ╩ ╩ ┼ ◁ ┼ ┼
◸ ◸ ┼ ◸ ◸ ◸ ╪ ▦ ▦ ▦ ╪ ▦ ⊟ ⊟ ║ ⊟ ⊟ ⊟ ╳ ▱ ▱ ▱ ╳ ▱ ▥ ▥ ┗ ▥ ▥ ▥ ◰ ╓ ╓ ╓ ◰ ╓ ◿ ◿ ◸ ◿ ◿ ◿ ▦ ▭ ▭ ▭ ▦ ▭ ▚ ▚ ⊟ ▚ ▚ ▚ ▱ ◇ ◇ ◇ ▱ ◇ ◁ ◁ ▥ ◁ ◁ ◁ ╓ ◪ ◪ ◪ ╓ ◪ ○ ○ ◿ ○ ○ ○ ▭ + + + ▭ + ≋ ≋ ▚ ≋ ≋ ≋ ◇ ╩ ╩ ╩ ◇ ╩ ┼ ┼ ◁ ┼
▦ ▦ ▦ ╪ ▦ ▦ ⊟ ║ ⊟ ⊟ ⊟ ║ ▱ ▱ ▱ ╳ ▱ ▱ ▥ ┗ ▥ ▥ ▥ ┗ ╓ ╓ ╓ ◰ ╓ ╓ ◿ ◸ ◿ ◿ ◿ ◸ ▭ ▭ ▭ ▦ ▭ ▭ ▚ ⊟ ▚ ▚ ▚ ⊟ ◇ ◇ ◇ ▱ ◇ ◇ ◁ ▥ ◁ ◁ ◁ ▥ ◪ ◪ ◪ ╓ ◪ ◪ ○ ◿ ○ ○ ○ ◿ + + + ▭ + + ≋ ▚ ≋ ≋ ≋ ▚ ╩ ╩ ╩ ◇ ╩ ╩ ┼ ◁ ┼ ┼ ┼ ◁ ╪ ╪ ╪ ◪
╪ ▦ ▦ ▦ ╪ ▦ ⊟ ⊟ ║ ⊟ ⊟ ⊟ ╳ ▱ ▱ ▱ ╳ ▱ ▥ ▥ ┗ ▥ ▥ ▥ ◰ ╓ ╓ ╓ ◰ ╓ ◿ ◿ ◸ ◿ ◿ ◿ ▦ ▭ ▭ ▭ ▦ ▭ ▚ ▚ ⊟ ▚ ▚ ▚ ▱ ◇ ◇ ◇ ▱ ◇ ◁ ◁ ▥ ◁ ◁ ◁ ╓ ◪ ◪ ◪ ╓ ◪ ○ ○ ◿ ○ ○ ○ ▭ + + + ▭ + ≋ ≋ ▚ ≋ ≋ ≋ ◇ ╩ ╩ ╩ ◇ ╩ ┼ ┼ ◁ ┼ ┼ ┼ ◪ ╪ ╪ ╪
▦ ╪ ▦ ▦ ▦ ╪ ⊟ ⊟ ⊟ ║ ⊟ ⊟ ▱ ╳ ▱ ▱ ▱ ╳ ▥ ▥ ▥ ┗ ▥ ▥ ╓ ◰ ╓ ╓ ╓ ◰ ◿ ◿ ◿ ◸ ◿ ◿ ▭ ▦ ▭ ▭ ▭ ▦ ▚ ▚ ▚ ⊟ ▚ ▚ ◇ ▱ ◇ ◇ ◇ ▱ ◁ ◁ ◁ ▥ ◁ ◁ ◪ ╓ ◪ ◪ ◪ ╓ ○ ○ ○ ◿ ○ ○ + ▭ + + + ▭ ≋ ≋ ≋ ▚ ≋ ≋ ╩ ◇ ╩ ╩ ╩ ◇ ┼ ┼ ┼ ◁ ┼ ┼ ╪ ◪ ╪ ╪
▦ ▦ ╪ ▦ ▦ ▦ ║ ⊟ ⊟ ⊟ ║ ⊟ ▱ ▱ ╳ ▱ ▱ ▱ ┗ ▥ ▥ ▥ ┗ ▥ ╓ ╓ ◰ ╓ ╓ ╓ ◸ ◿ ◿ ◿ ◸ ◿ ▭ ▭ ▦ ▭ ▭ ▭ ⊟ ▚ ▚ ▚ ⊟ ▚ ◇ ◇ ▱ ◇ ◇ ◇ ▥ ◁ ◁ ◁ ▥ ◁ ◪ ◪ ╓ ◪ ◪ ◪ ◿ ○ ○ ○ ◿ ○ + + ▭ + + + ▚ ≋ ≋ ≋ ▚ ≋ ╩ ╩ ◇ ╩ ╩ ╩ ◁ ┼ ┼ ┼ ◁ ┼ ╪ ╪ ◪ ╪
▦ ▦ ▦ ╪ ▦ ▦ ⊟ ║ ⊟ ⊟ ⊟ ║ ▱ ▱ ▱ ╳ ▱ ▱ ▥ ┗ ▥ ▥ ▥ ┗ ╓ ╓ ╓ ◰ ╓ ╓ ◿ ◸ ◿ ◿ ◿ ◸ ▭ ▭ ▭ ▦ ▭ ▭ ▚ ⊟ ▚ ▚ ▚ ⊟ ◇ ◇ ◇ ▱ ◇ ◇ ◁ ▥ ◁ ◁ ◁ ▥ ◪ ◪ ◪ ╓ ◪ ◪ ○ ◿ ○ ○ ○ ◿ + + + ▭ + + ≋ ▚ ≋ ≋ ≋ ▚ ╩ ╩ ╩ ◇ ╩ ╩ ┼ ◁ ┼ ┼ ┼ ◁ ╪ ╪ ╪ ◪
║ ⊟ ⊟ ⊟ ║ ⊟ ▱ ▱ ╳ ▱ ▱ ▱ ┗ ▥ ▥ ▥ ┗ ▥ ╓ ╓ ◰ ╓ ╓ ╓ ◸ ◿ ◿ ◿ ◸ ◿ ▭ ▭ ▦ ▭ ▭ ▭ ⊟ ▚ ▚ ▚ ⊟ ▚ ◇ ◇ ▱ ◇ ◇ ◇ ▥ ◁ ◁ ◁ ▥ ◁ ◪ ◪ ╓ ◪ ◪ ◪ ◿ ○ ○ ○ ◿ ○ + + ▭ + + + ▚ ≋ ≋ ≋ ▚ ≋ ╩ ╩ ◇ ╩ ╩ ╩ ◁ ┼ ┼ ┼ ◁ ┼ ╪ ╪ ◪ ╪ ╪ ╪ ○ ║ ║ ║
⊟ ║ ⊟ ⊟ ⊟ ║ ▱ ▱ ▱ ╳ ▱ ▱ ▥ ┗ ▥ ▥ ▥ ┗ ╓ ╓ ╓ ◰ ╓ ╓ ◿ ◸ ◿ ◿ ◿ ◸ ▭ ▭ ▭ ▦ ▭ ▭ ▚ ⊟ ▚ ▚ ▚ ⊟ ◇ ◇ ◇ ▱ ◇ ◇ ◁ ▥ ◁ ◁ ◁ ▥ ◪ ◪ ◪ ╓ ◪ ◪ ○ ◿ ○ ○ ○ ◿ + + + ▭ + + ≋ ▚ ≋ ≋ ≋ ▚ ╩ ╩ ╩ ◇ ╩ ╩ ┼ ◁ ┼ ┼ ┼ ◁ ╪ ╪ ╪ ◪ ╪ ╪ ║ ○ ║ ║
⊟ ⊟ ║ ⊟ ⊟ ⊟ ╳ ▱ ▱ ▱ ╳ ▱ ▥ ▥ ┗ ▥ ▥ ▥ ◰ ╓ ╓ ╓ ◰ ╓ ◿ ◿ ◸ ◿ ◿ ◿ ▦ ▭ ▭ ▭ ▦ ▭ ▚ ▚ ⊟ ▚ ▚ ▚ ▱ ◇ ◇ ◇ ▱ ◇ ◁ ◁ ▥ ◁ ◁ ◁ ╓ ◪ ◪ ◪ ╓ ◪ ○ ○ ◿ ○ ○ ○ ▭ + + + ▭ + ≋ ≋ ▚ ≋ ≋ ≋ ◇ ╩ ╩ ╩ ◇ ╩ ┼ ┼ ◁ ┼ ┼ ┼ ◪ ╪ ╪ ╪ ◪ ╪ ║ ║ ○ ║
⊟ ⊟ ⊟ ║ ⊟ ⊟ ▱ ╳ ▱ ▱ ▱ ╳ ▥ ▥ ▥ ┗ ▥ ▥ ╓ ◰ ╓ ╓ ╓ ◰ ◿ ◿ ◿ ◸ ◿ ◿ ▭ ▦ ▭ ▭ ▭ ▦ ▚ ▚ ▚ ⊟ ▚ ▚ ◇ ▱ ◇ ◇ ◇ ▱ ◁ ◁ ◁ ▥ ◁ ◁ ◪ ╓ ◪ ◪ ◪ ╓ ○ ○ ○ ◿ ○ ○ + ▭ + + + ▭ ≋ ≋ ≋ ▚ ≋ ≋ ╩ ◇ ╩ ╩ ╩ ◇ ┼ ┼ ┼ ◁ ┼ ┼ ╪ ◪ ╪ ╪ ╪ ◪ ║ ║ ║ ○
║ ⊟ ⊟ ⊟ ║ ⊟ ▱ ▱ ╳ ▱ ▱ ▱ ┗ ▥ ▥ ▥ ┗ ▥ ╓ ╓ ◰ ╓ ╓ ╓ ◸ ◿ ◿ ◿ ◸ ◿ ▭ ▭ ▦ ▭ ▭ ▭ ⊟ ▚ ▚ ▚ ⊟ ▚ ◇ ◇ ▱ ◇ ◇ ◇ ▥ ◁ ◁ ◁ ▥ ◁ ◪ ◪ ╓ ◪ ◪ ◪ ◿ ○ ○ ○ ◿ ○ + + ▭ + + + ▚ ≋ ≋ ≋ ▚ ≋ ╩ ╩ ◇ ╩ ╩ ╩ ◁ ┼ ┼ ┼ ◁ ┼ ╪ ╪ ◪ ╪ ╪ ╪ ○ ║ ║ ║
▱ ╳ ▱ ▱ ▱ ╳ ▥ ▥ ▥ ┗ ▥ ▥ ╓ ◰ ╓ ╓ ╓ ◰ ◿ ◿ ◿ ◸ ◿ ◿ ▭ ▦ ▭ ▭ ▭ ▦ ▚ ▚ ▚ ⊟ ▚ ▚ ◇ ▱ ◇ ◇ ◇ ▱ ◁ ◁ ◁ ▥ ◁ ◁ ◪ ╓ ◪ ◪ ◪ ╓ ○ ○ ○ ◿ ○ ○ + ▭ + + + ▭ ≋ ≋ ≋ ▚ ≋ ≋ ╩ ◇ ╩ ╩ ╩ ◇ ┼ ┼ ┼ ◁ ┼ ┼ ╪ ◪ ╪ ╪ ╪ ◪ ║ ║ ║ ○ ║ ║ ╳ + ╳ ╳
▱ ▱ ╳ ▱ ▱ ▱ ┗ ▥ ▥ ▥ ┗ ▥ ╓ ╓ ◰ ╓ ╓ ╓ ◸ ◿ ◿ ◿ ◸ ◿ ▭ ▭ ▦ ▭ ▭ ▭ ⊟ ▚ ▚ ▚ ⊟ ▚ ◇ ◇ ▱ ◇ ◇ ◇ ▥ ◁ ◁ ◁ ▥ ◁ ◪ ◪ ╓ ◪ ◪ ◪ ◿ ○ ○ ○ ◿ ○ + + ▭ + + + ▚ ≋ ≋ ≋ ▚ ≋ ╩ ╩ ◇ ╩ ╩ ╩ ◁ ┼ ┼ ┼ ◁ ┼ ╪ ╪ ◪ ╪ ╪ ╪ ○ ║ ║ ║ ○ ║ ╳ ╳ + ╳
▱ ▱ ▱ ╳ ▱ ▱ ▥ ┗ ▥ ▥ ▥ ┗ ╓ ╓ ╓ ◰ ╓ ╓ ◿ ◸ ◿ ◿ ◿ ◸ ▭ ▭ ▭ ▦ ▭ ▭ ▚ ⊟ ▚ ▚ ▚ ⊟ ◇ ◇ ◇ ▱ ◇ ◇ ◁ ▥ ◁ ◁ ◁ ▥ ◪ ◪ ◪ ╓ ◪ ◪ ○ ◿ ○ ○ ○ ◿ + + + ▭ + + ≋ ▚ ≋ ≋ ≋ ▚ ╩ ╩ ╩ ◇ ╩ ╩ ┼ ◁ ┼ ┼ ┼ ◁ ╪ ╪ ╪ ◪ ╪ ╪ ║ ○ ║ ║ ║ ○ ╳ ╳ ╳ +
